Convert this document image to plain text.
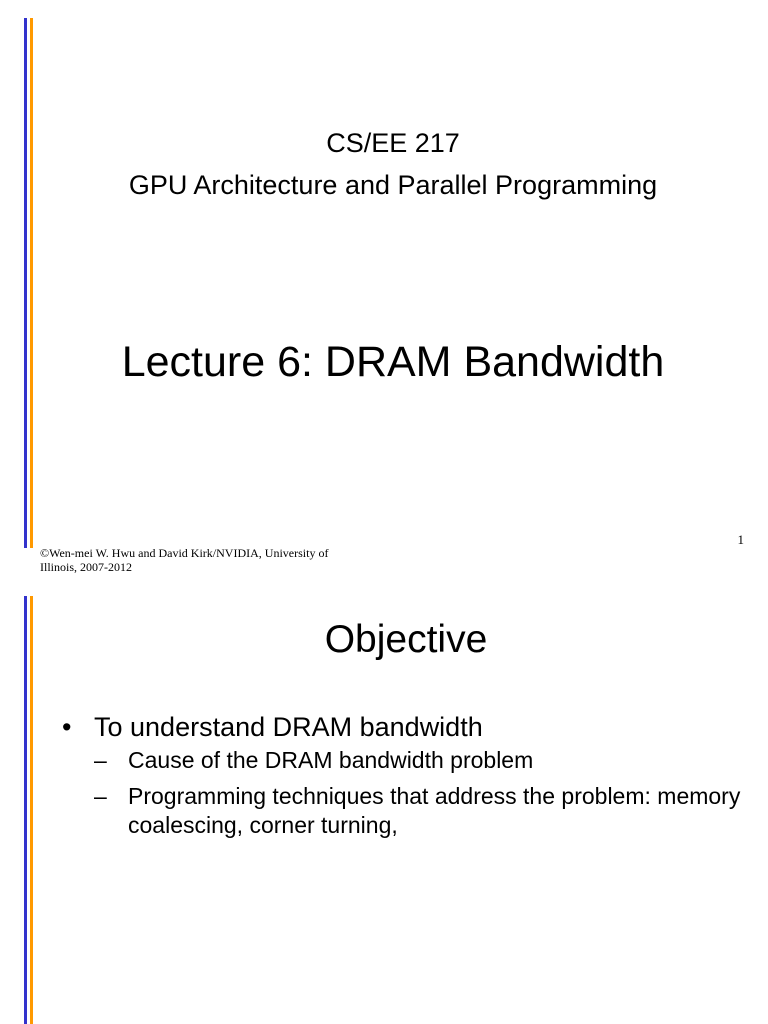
CS/EE 217
GPU Architecture and Parallel Programming
Lecture 6: DRAM Bandwidth
©Wen-mei W. Hwu and David Kirk/NVIDIA, University of
Illinois, 2007-2012
1
Objective
• To understand DRAM bandwidth
– Cause of the DRAM bandwidth problem
– Programming techniques that address the problem: memory coalescing, corner turning,
